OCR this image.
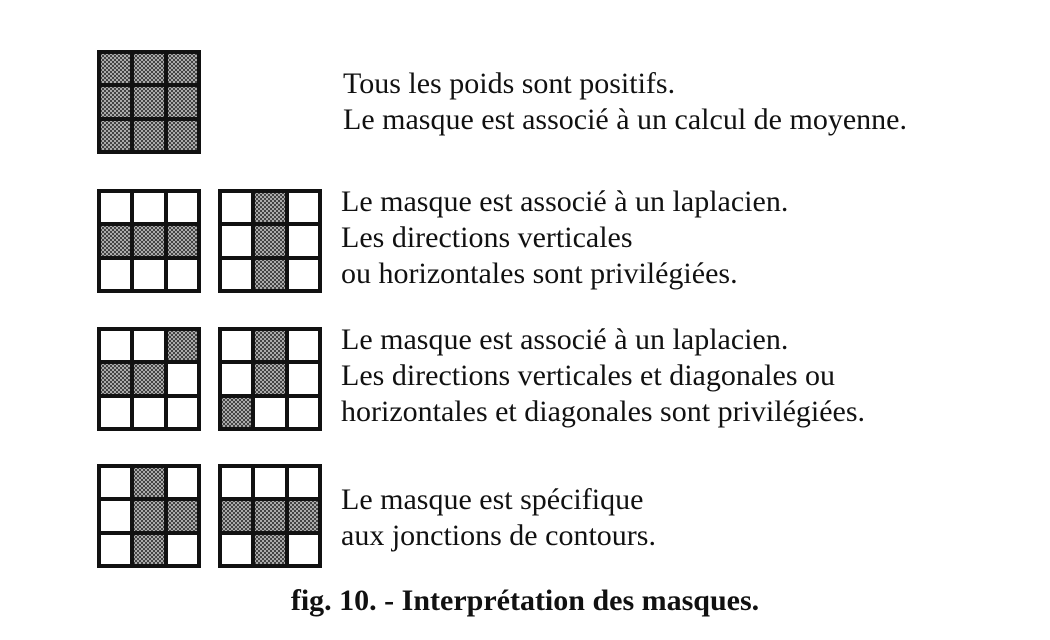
Tous les poids sont positifs.
Le masque est associé à un calcul de moyenne.
Le masque est associé à un laplacien.
Les directions verticales
ou horizontales sont privilégiées.
Le masque est associé à un laplacien.
Les directions verticales et diagonales ou
horizontales et diagonales sont privilégiées.
Le masque est spécifique
aux jonctions de contours.
fig. 10. - Interprétation des masques.
